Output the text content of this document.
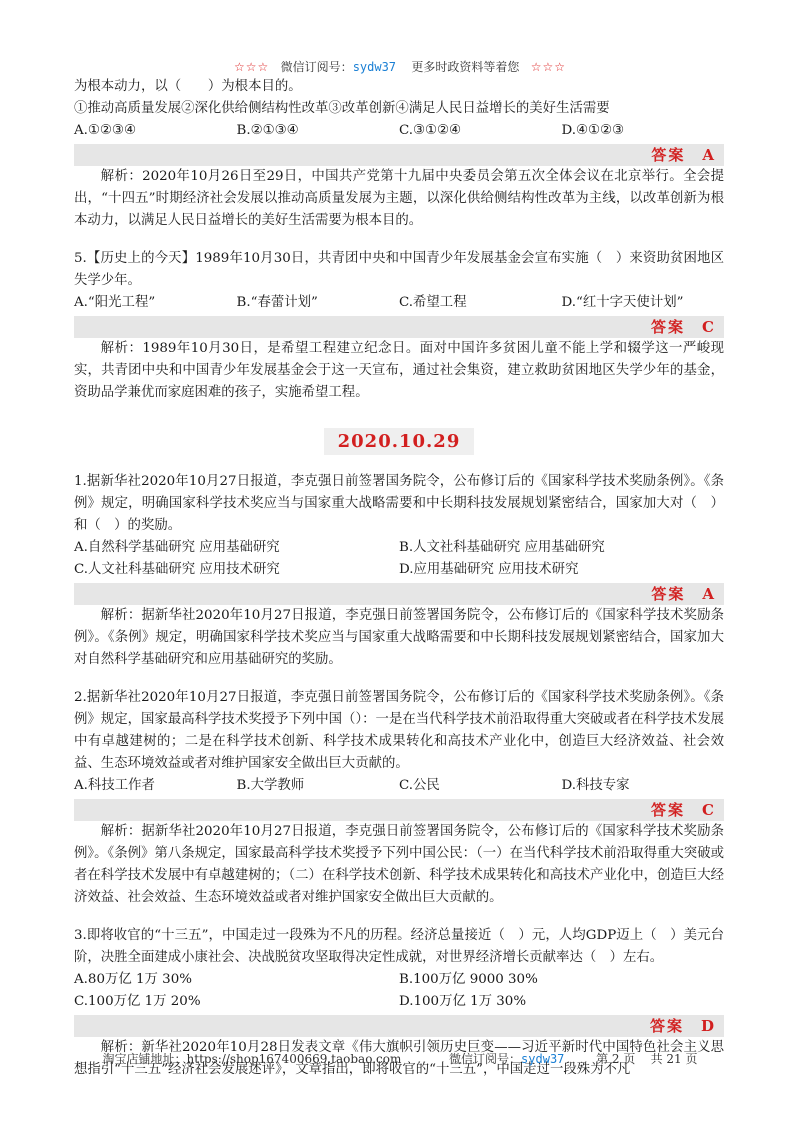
☆☆☆ 微信订阅号：sydw37 更多时政资料等着您 ☆☆☆

为根本动力，以（　　）为根本目的。

①推动高质量发展②深化供给侧结构性改革③改革创新④满足人民日益增长的美好生活需要

A.①②③④	B.②①③④	C.③①②④	D.④①②③
答案　A

解析：2020年10月26日至29日，中国共产党第十九届中央委员会第五次全体会议在北京举行。全会提出，“十四五”时期经济社会发展以推动高质量发展为主题，以深化供给侧结构性改革为主线，以改革创新为根本动力，以满足人民日益增长的美好生活需要为根本目的。

5.【历史上的今天】1989年10月30日，共青团中央和中国青少年发展基金会宣布实施（　）来资助贫困地区失学少年。

A.“阳光工程”	B.“春蕾计划”	C.希望工程	D.“红十字天使计划”
答案　C

解析：1989年10月30日，是希望工程建立纪念日。面对中国许多贫困儿童不能上学和辍学这一严峻现实，共青团中央和中国青少年发展基金会于这一天宣布，通过社会集资，建立救助贫困地区失学少年的基金，资助品学兼优而家庭困难的孩子，实施希望工程。

2020.10.29

1.据新华社2020年10月27日报道，李克强日前签署国务院令，公布修订后的《国家科学技术奖励条例》。《条例》规定，明确国家科学技术奖应当与国家重大战略需要和中长期科技发展规划紧密结合，国家加大对（　）和（　）的奖励。

A.自然科学基础研究 应用基础研究	B.人文社科基础研究 应用基础研究
C.人文社科基础研究 应用技术研究	D.应用基础研究 应用技术研究
答案　A

解析：据新华社2020年10月27日报道，李克强日前签署国务院令，公布修订后的《国家科学技术奖励条例》。《条例》规定，明确国家科学技术奖应当与国家重大战略需要和中长期科技发展规划紧密结合，国家加大对自然科学基础研究和应用基础研究的奖励。

2.据新华社2020年10月27日报道，李克强日前签署国务院令，公布修订后的《国家科学技术奖励条例》。《条例》规定，国家最高科学技术奖授予下列中国（）：一是在当代科学技术前沿取得重大突破或者在科学技术发展中有卓越建树的；二是在科学技术创新、科学技术成果转化和高技术产业化中，创造巨大经济效益、社会效益、生态环境效益或者对维护国家安全做出巨大贡献的。

A.科技工作者	B.大学教师	C.公民	D.科技专家
答案　C

解析：据新华社2020年10月27日报道，李克强日前签署国务院令，公布修订后的《国家科学技术奖励条例》。《条例》第八条规定，国家最高科学技术奖授予下列中国公民：（一）在当代科学技术前沿取得重大突破或者在科学技术发展中有卓越建树的；（二）在科学技术创新、科学技术成果转化和高技术产业化中，创造巨大经济效益、社会效益、生态环境效益或者对维护国家安全做出巨大贡献的。

3.即将收官的“十三五”，中国走过一段殊为不凡的历程。经济总量接近（　）元，人均GDP迈上（　）美元台阶，决胜全面建成小康社会、决战脱贫攻坚取得决定性成就，对世界经济增长贡献率达（　）左右。

A.80万亿 1万 30%	B.100万亿 9000 30%
C.100万亿 1万 20%	D.100万亿 1万 30%
答案　D

解析：新华社2020年10月28日发表文章《伟大旗帜引领历史巨变——习近平新时代中国特色社会主义思想指引“十三五”经济社会发展述评》，文章指出，即将收官的“十三五”，中国走过一段殊为不凡

淘宝店铺地址：https://shop167400669.taobao.com	微信订阅号：sydw37	第 2 页 共 21 页
